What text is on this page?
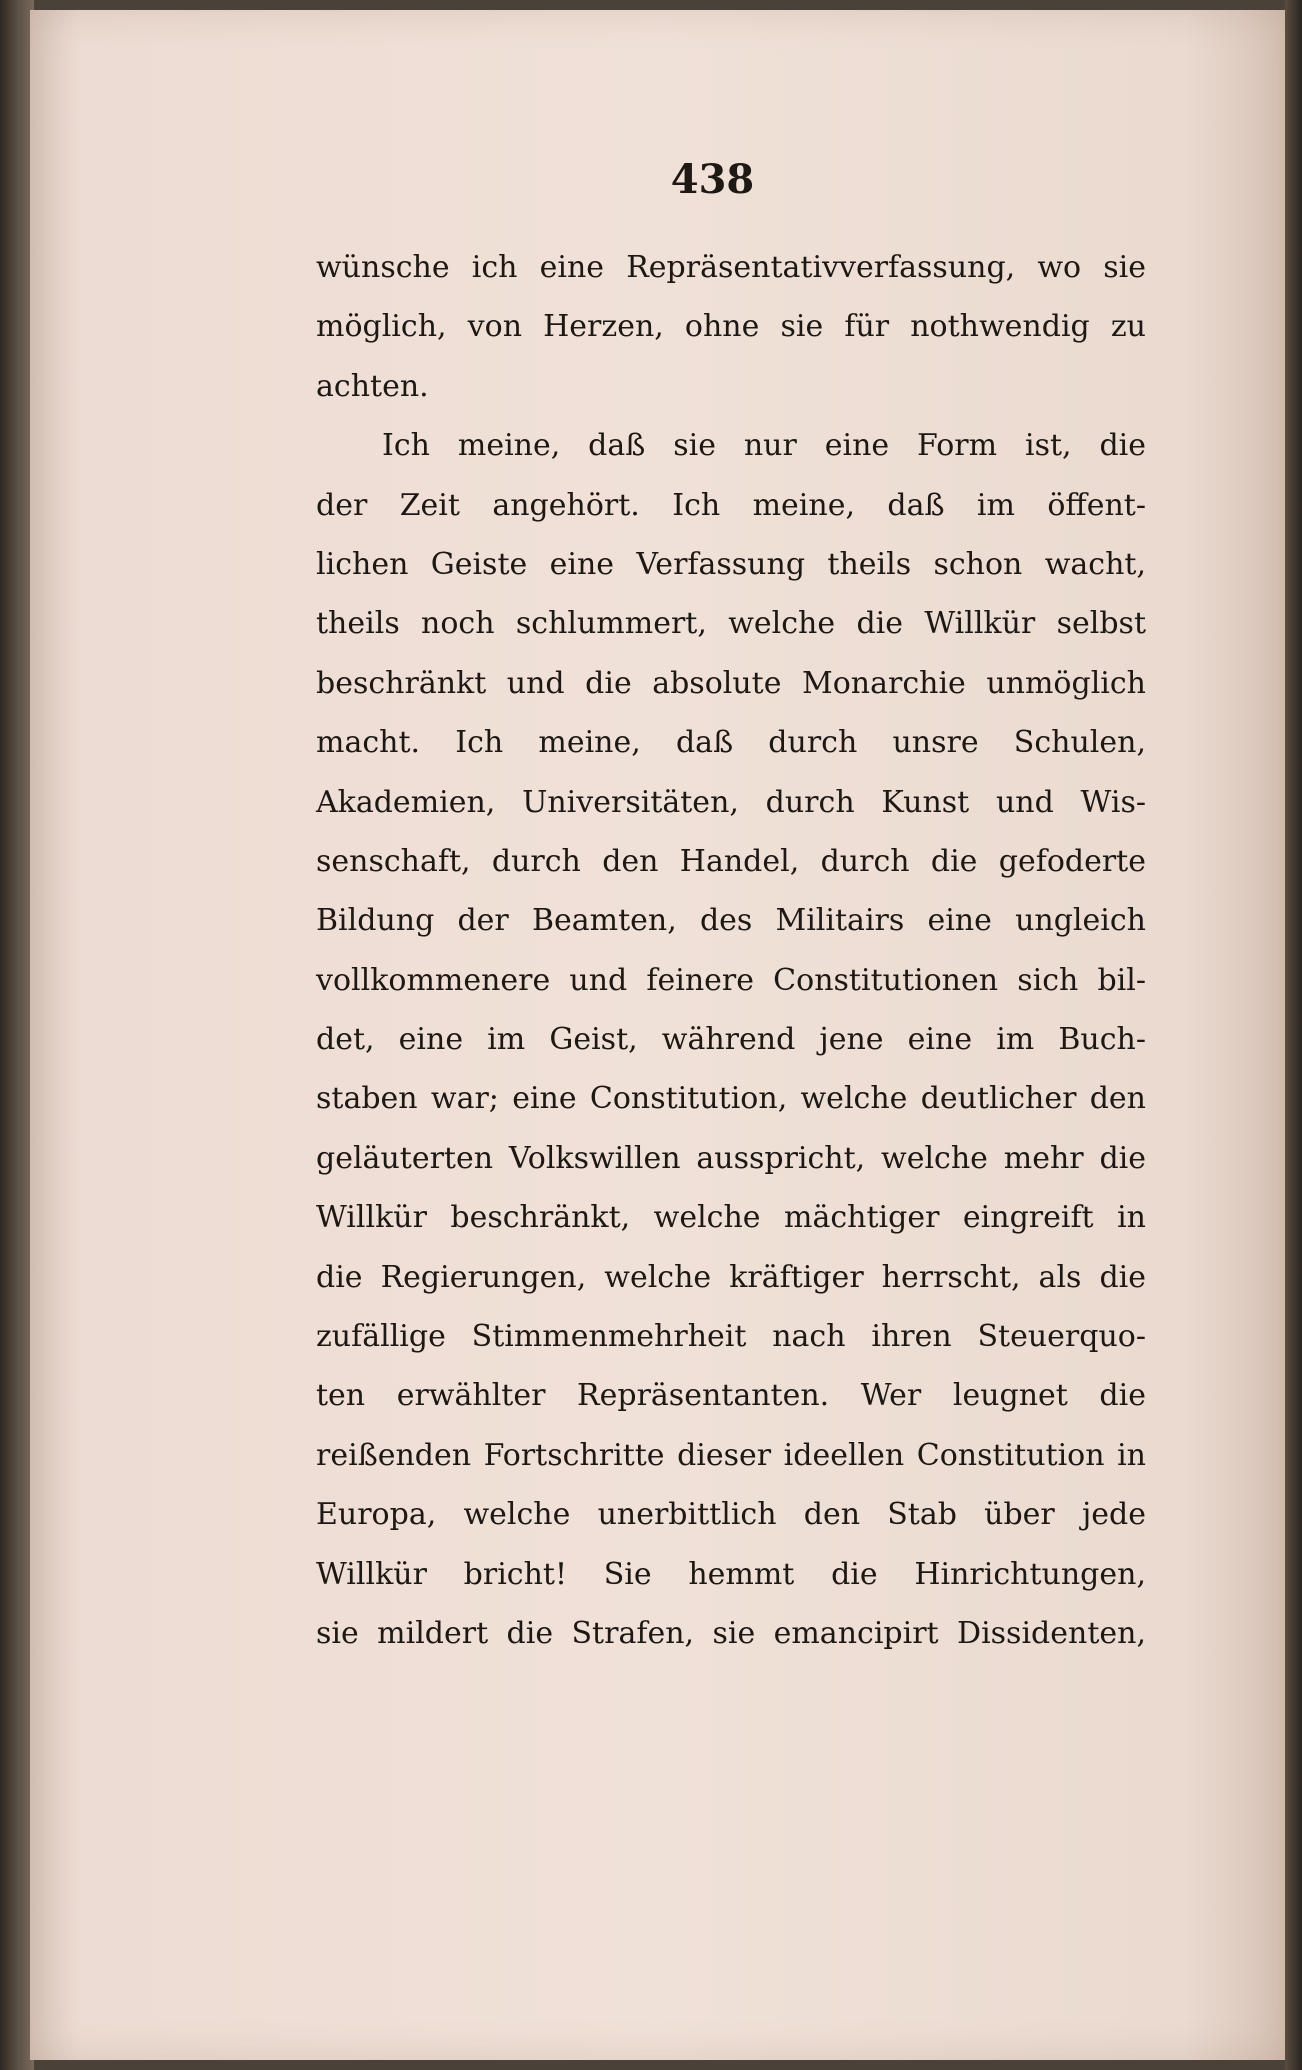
438
wünsche ich eine Repräsentativverfassung, wo sie
möglich, von Herzen, ohne sie für nothwendig zu
achten.
Ich meine, daß sie nur eine Form ist, die
der Zeit angehört. Ich meine, daß im öffent-
lichen Geiste eine Verfassung theils schon wacht,
theils noch schlummert, welche die Willkür selbst
beschränkt und die absolute Monarchie unmöglich
macht. Ich meine, daß durch unsre Schulen,
Akademien, Universitäten, durch Kunst und Wis-
senschaft, durch den Handel, durch die gefoderte
Bildung der Beamten, des Militairs eine ungleich
vollkommenere und feinere Constitutionen sich bil-
det, eine im Geist, während jene eine im Buch-
staben war; eine Constitution, welche deutlicher den
geläuterten Volkswillen ausspricht, welche mehr die
Willkür beschränkt, welche mächtiger eingreift in
die Regierungen, welche kräftiger herrscht, als die
zufällige Stimmenmehrheit nach ihren Steuerquo-
ten erwählter Repräsentanten. Wer leugnet die
reißenden Fortschritte dieser ideellen Constitution in
Europa, welche unerbittlich den Stab über jede
Willkür bricht! Sie hemmt die Hinrichtungen,
sie mildert die Strafen, sie emancipirt Dissidenten,
